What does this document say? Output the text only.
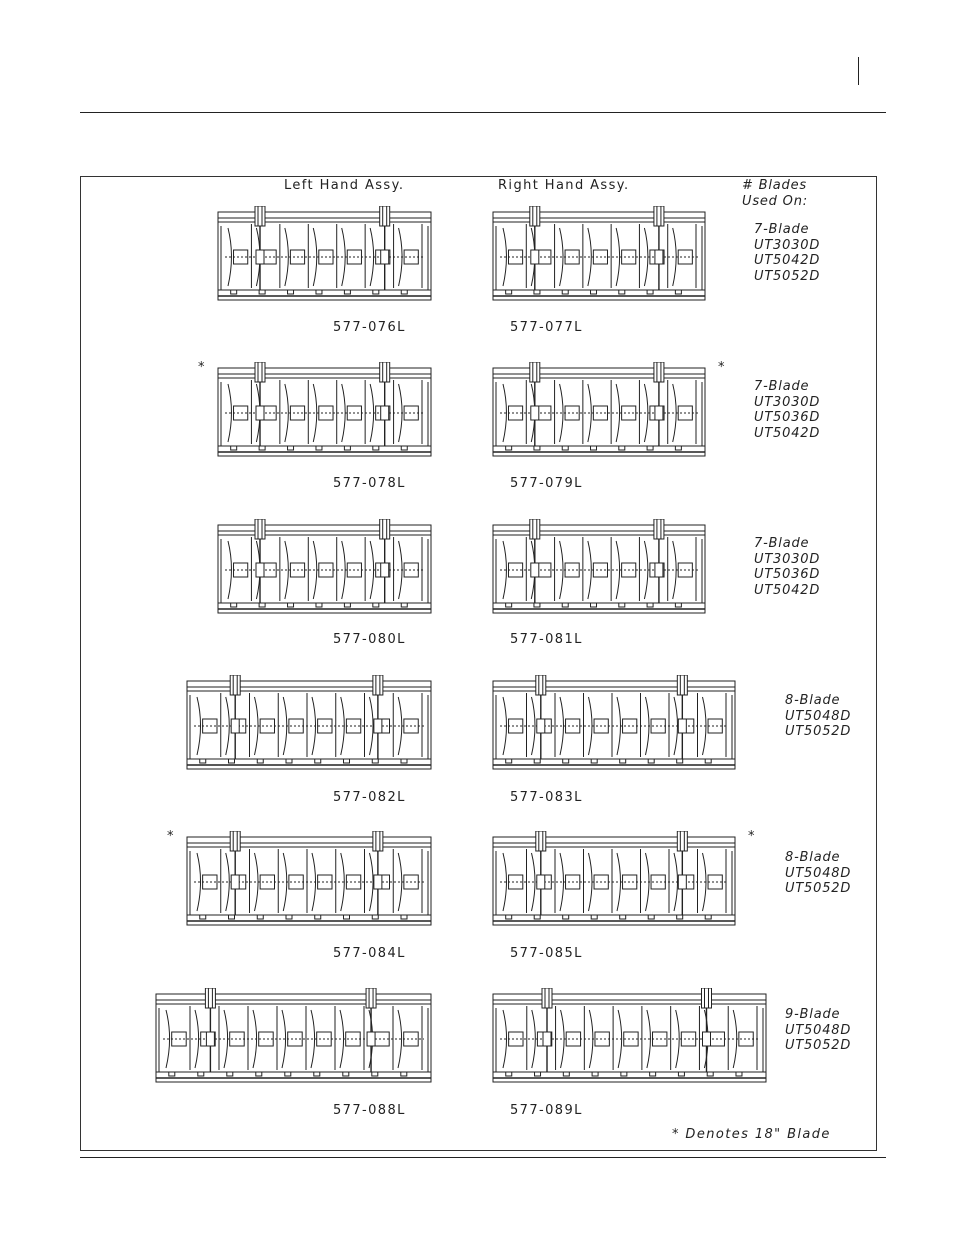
Left Hand Assy.	Right Hand Assy.	# Blades
Used On:
577-076L	577-077L
7-Blade
UT3030D
UT5042D
UT5052D
577-078L	577-079L
*	*
7-Blade
UT3030D
UT5036D
UT5042D
577-080L	577-081L
7-Blade
UT3030D
UT5036D
UT5042D
577-082L	577-083L
8-Blade
UT5048D
UT5052D
577-084L	577-085L
*	*
8-Blade
UT5048D
UT5052D
577-088L	577-089L
9-Blade
UT5048D
UT5052D
* Denotes 18" Blade
